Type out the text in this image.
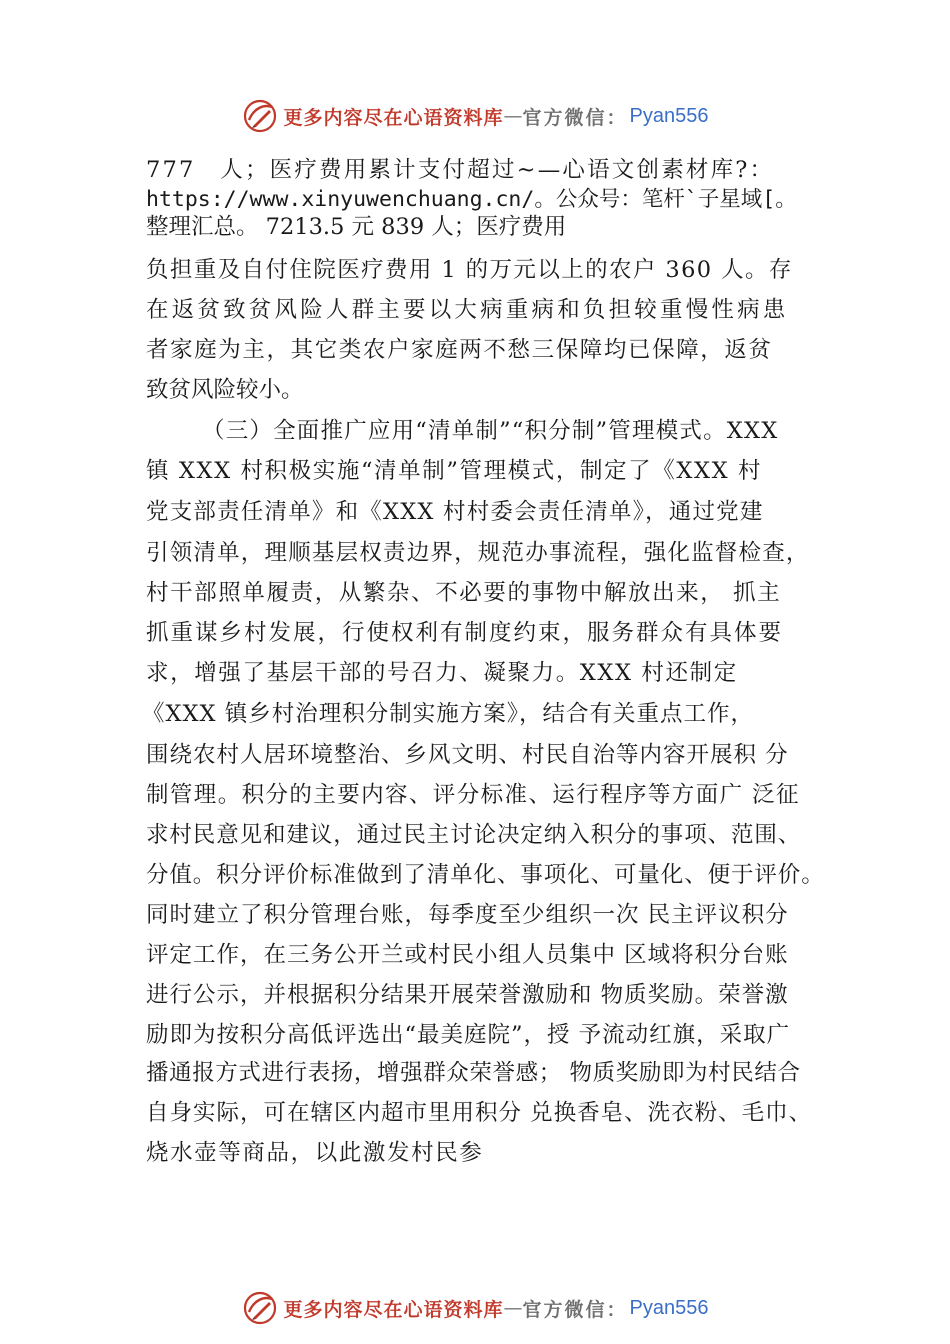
更多内容尽在心语资料库 — 官方微信： Pyan556
777　人；医疗费用累计支付超过~—心语文创素材库?：
https://www.xinyuwenchuang.cn/。公众号：笔杆`子星域[。
整理汇总。 7213.5 元 839 人；医疗费用
负担重及自付住院医疗费用 1 的万元以上的农户 360 人。存
在返贫致贫风险人群主要以大病重病和负担较重慢性病患
者家庭为主，其它类农户家庭两不愁三保障均已保障，返贫
致贫风险较小。
（三）全面推广应用“清单制”“积分制”管理模式。XXX
镇 XXX 村积极实施“清单制”管理模式，制定了《XXX 村
党支部责任清单》和《XXX 村村委会责任清单》，通过党建
引领清单，理顺基层权责边界，规范办事流程，强化监督检查，
村干部照单履责，从繁杂、不必要的事物中解放出来， 抓主
抓重谋乡村发展，行使权利有制度约束，服务群众有具体要
求，增强了基层干部的号召力、凝聚力。XXX 村还制定
《XXX 镇乡村治理积分制实施方案》，结合有关重点工作，
围绕农村人居环境整治、乡风文明、村民自治等内容开展积 分
制管理。积分的主要内容、评分标准、运行程序等方面广 泛征
求村民意见和建议，通过民主讨论决定纳入积分的事项、范围、
分值。积分评价标准做到了清单化、事项化、可量化、便于评价。
同时建立了积分管理台账，每季度至少组织一次 民主评议积分
评定工作，在三务公开兰或村民小组人员集中 区域将积分台账
进行公示，并根据积分结果开展荣誉激励和 物质奖励。荣誉激
励即为按积分高低评选出“最美庭院”，授 予流动红旗，采取广
播通报方式进行表扬，增强群众荣誉感； 物质奖励即为村民结合
自身实际，可在辖区内超市里用积分 兑换香皂、洗衣粉、毛巾、
烧水壶等商品，以此激发村民参
更多内容尽在心语资料库 — 官方微信： Pyan556
